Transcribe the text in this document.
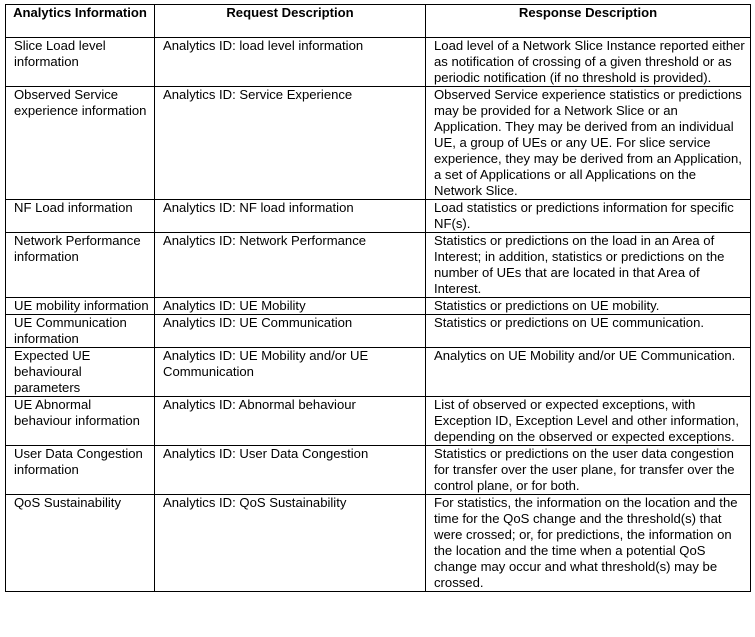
Analytics Information	Request Description	Response Description
Slice Load level information	Analytics ID: load level information	Load level of a Network Slice Instance reported either as notification of crossing of a given threshold or as periodic notification (if no threshold is provided).
Observed Service experience information	Analytics ID: Service Experience	Observed Service experience statistics or predictions may be provided for a Network Slice or an Application. They may be derived from an individual UE, a group of UEs or any UE. For slice service experience, they may be derived from an Application, a set of Applications or all Applications on the Network Slice.
NF Load information	Analytics ID: NF load information	Load statistics or predictions information for specific NF(s).
Network Performance information	Analytics ID: Network Performance	Statistics or predictions on the load in an Area of Interest; in addition, statistics or predictions on the number of UEs that are located in that Area of Interest.
UE mobility information	Analytics ID: UE Mobility	Statistics or predictions on UE mobility.
UE Communication information	Analytics ID: UE Communication	Statistics or predictions on UE communication.
Expected UE behavioural parameters	Analytics ID: UE Mobility and/or UE Communication	Analytics on UE Mobility and/or UE Communication.
UE Abnormal behaviour information	Analytics ID: Abnormal behaviour	List of observed or expected exceptions, with Exception ID, Exception Level and other information, depending on the observed or expected exceptions.
User Data Congestion information	Analytics ID: User Data Congestion	Statistics or predictions on the user data congestion for transfer over the user plane, for transfer over the control plane, or for both.
QoS Sustainability	Analytics ID: QoS Sustainability	For statistics, the information on the location and the time for the QoS change and the threshold(s) that were crossed; or, for predictions, the information on the location and the time when a potential QoS change may occur and what threshold(s) may be crossed.
